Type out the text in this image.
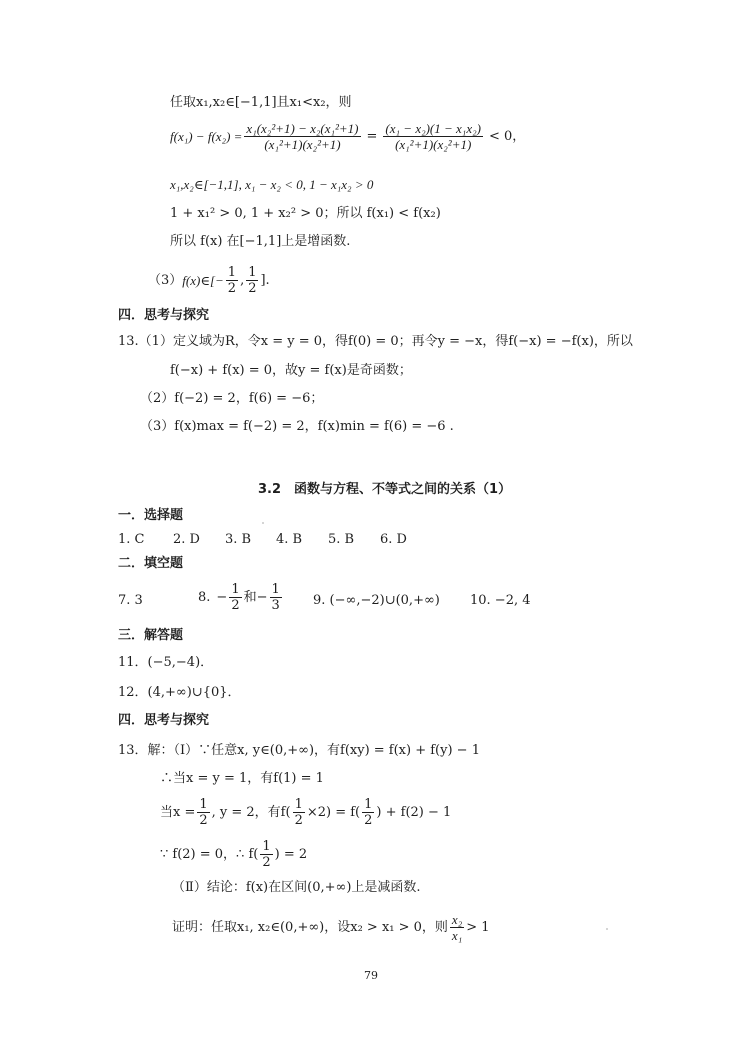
任取x₁,x₂∈[−1,1]且x₁<x₂，则
$f(x_1) - f(x_2) = \frac{\text{x₁(x₂²+1) − x₂(x₁²+1)}}{\text{(x₁²+1)(x₂²+1)}} = \frac{\text{(x₁ − x₂)(1 − x₁x₂)}}{\text{(x₁²+1)(x₂²+1)}} < 0$，
x₁,x₂∈[−1,1], x₁ − x₂ < 0, 1 − x₁x₂ > 0
1 + x₁² > 0, 1 + x₂² > 0；所以 f(x₁) < f(x₂)
所以 f(x) 在[−1,1]上是增函数.
（3） f(x)∈[− $\frac{1}{2}$ , $\frac{1}{2}$ ].
四．思考与探究
13.（1）定义域为R，令x = y = 0，得f(0) = 0；再令y = −x，得f(−x) = −f(x)，所以
f(−x) + f(x) = 0，故y = f(x)是奇函数；
（2）f(−2) = 2，f(6) = −6；
（3）f(x)max = f(−2) = 2，f(x)min = f(6) = −6 .
3.2　函数与方程、不等式之间的关系（1）
一．选择题
1. C 2. D 3. B 4. B 5. B 6. D
二．填空题
7. 3	8. − $\frac{1}{2}$ 和 − $\frac{1}{3} 9$. (−∞,−2)∪(0,+∞) 10. −2, 4
三．解答题
11．(−5,−4)．
12．(4,+∞)∪{0}．
四．思考与探究
13．解：（Ⅰ）∵任意x, y∈(0,+∞)，有f(xy) = f(x) + f(y) − 1
∴当x = y = 1，有f(1) = 1
当$x = \frac{1}{2}$ , y = 2，有$f( \frac{1}{2} \times 2) = f( \frac{1}{2}$ ) + f(2) − 1
∵ f(2) = 0，∴ $f( \frac{1}{2}$ ) = 2
（Ⅱ）结论：f(x)在区间(0,+∞)上是减函数.
证明：任取x₁, x₂∈(0,+∞)，设x₂ > x₁ > 0，则 $\frac{\text{x₂}}{\text{x₁}} > 1$
79
